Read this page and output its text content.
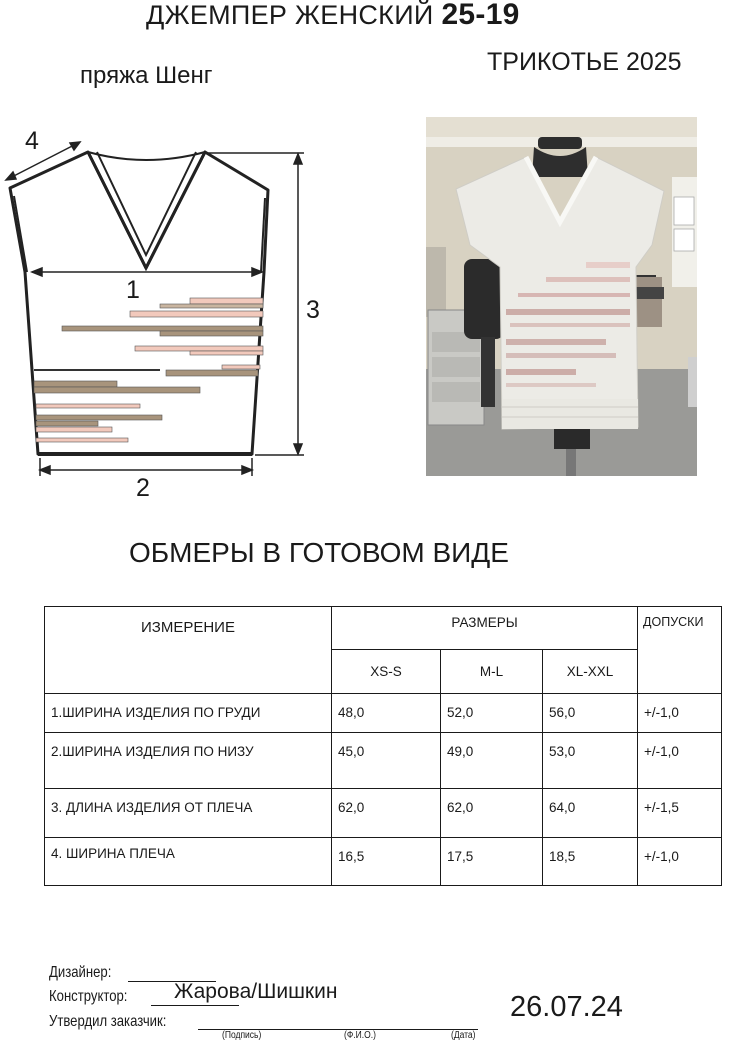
ДЖЕМПЕР ЖЕНСКИЙ 25-19
ТРИКОТЬЕ 2025
пряжа Шенг
1
2
3
4
ОБМЕРЫ В ГОТОВОМ ВИДЕ
ИЗМЕРЕНИЕ	РАЗМЕРЫ			ДОПУСКИ
	XS-S	M-L	XL-XXL	
1.ШИРИНА ИЗДЕЛИЯ ПО ГРУДИ	48,0	52,0	56,0	+/-1,0
2.ШИРИНА ИЗДЕЛИЯ ПО НИЗУ	45,0	49,0	53,0	+/-1,0
3. ДЛИНА ИЗДЕЛИЯ ОТ ПЛЕЧА	62,0	62,0	64,0	+/-1,5
4. ШИРИНА ПЛЕЧА	16,5	17,5	18,5	+/-1,0
Дизайнер:
Конструктор:
Утвердил заказчик:
Жарова/Шишкин
(Подпись)	(Ф.И.О.)	(Дата)
26.07.24
